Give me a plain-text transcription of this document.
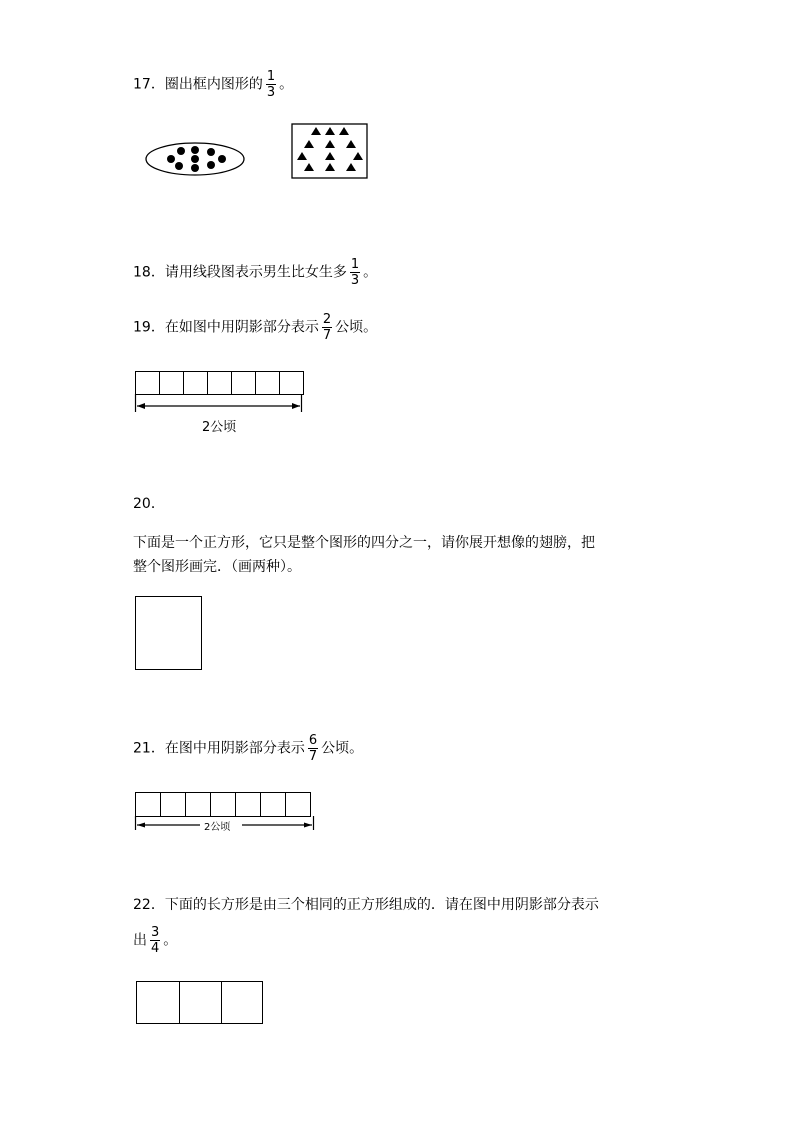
17．圈出框内图形的 $\frac{1}{3}$ 。
18．请用线段图表示男生比女生多 $\frac{1}{3}$ 。
19．在如图中用阴影部分表示 $\frac{2}{7}$ 公顷。
2公顷
20．
下面是一个正方形，它只是整个图形的四分之一，请你展开想像的翅膀，把
整个图形画完．（画两种）。
21．在图中用阴影部分表示 $\frac{6}{7}$ 公顷。
2公顷
22．下面的长方形是由三个相同的正方形组成的．请在图中用阴影部分表示
出 $\frac{3}{4}$ 。
